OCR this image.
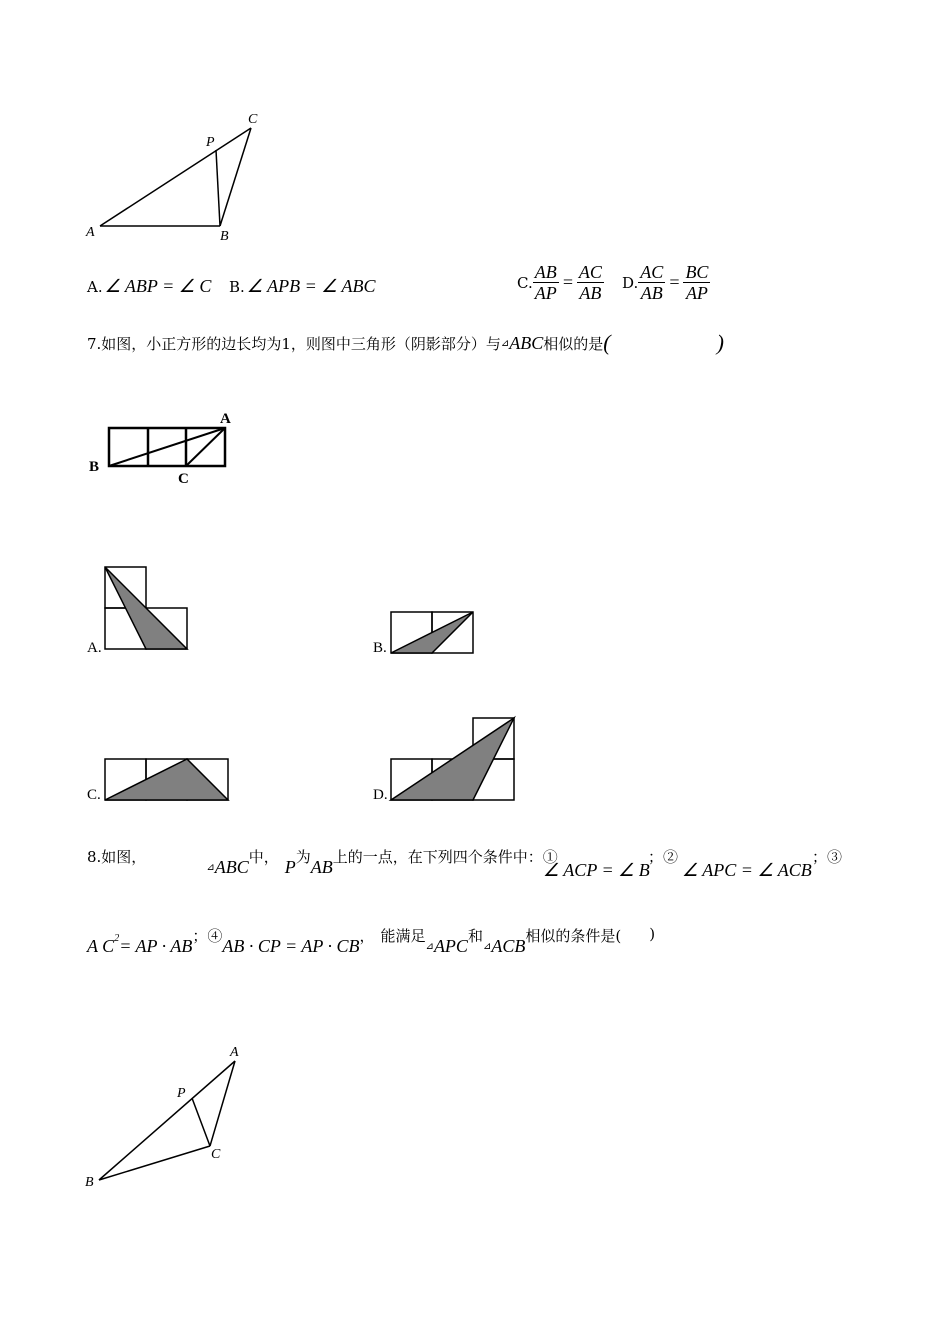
A	B
C
P
A. ∠ ABP = ∠ C B. ∠ APB = ∠ ABC	C. $\frac{AB}{AP} = \frac{AC}{AB} D$. $\frac{AC}{AB} = \frac{BC}{AP}$
7.如图，小正方形的边长均为1，则图中三角形（阴影部分）与 ⊿ ABC 相似的是 (	)
A
B
C
A.	B.
C.	D.
8.如图，
⊿ ABC 中， P 为 AB 上的一点，在下列四个条件中：①
∠ ACP = ∠ B
；②
∠ APC = ∠ ACB
；③
A C 2 = AP · AB ；④ AB · CP = AP · CB ， 能满足
⊿ APC 和
⊿ ACB 相似的条件是( )
A
B
C
P
